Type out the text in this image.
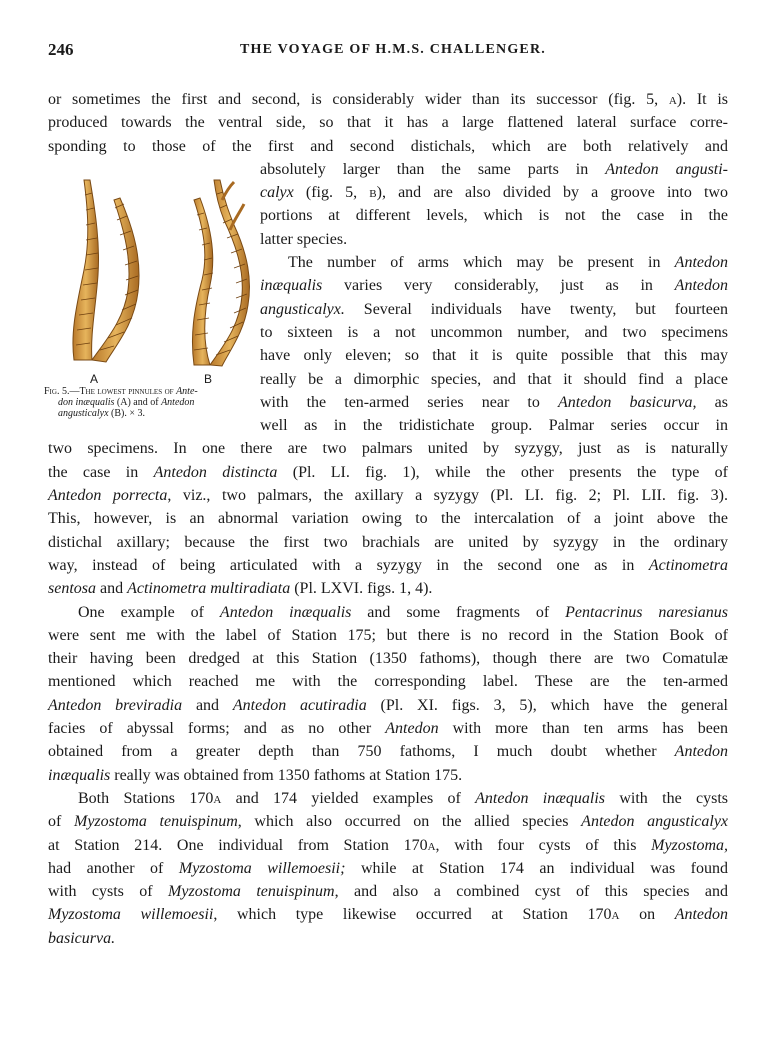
246	THE VOYAGE OF H.M.S. CHALLENGER.
A	B
Fig. 5.—The lowest pinnules of Ante-
don inæqualis (A) and of Antedon
angusticalyx (B). × 3.
or sometimes the first and second, is considerably wider than its successor (fig. 5, a). It is
produced towards the ventral side, so that it has a large flattened lateral surface corre-
sponding to those of the first and second distichals, which are both relatively and
absolutely larger than the same parts in Antedon angusti-
calyx (fig. 5, b), and are also divided by a groove into two
portions at different levels, which is not the case in the
latter species.
The number of arms which may be present in Antedon
inæqualis varies very considerably, just as in Antedon
angusticalyx. Several individuals have twenty, but fourteen
to sixteen is a not uncommon number, and two specimens
have only eleven; so that it is quite possible that this may
really be a dimorphic species, and that it should find a place
with the ten-armed series near to Antedon basicurva, as
well as in the tridistichate group. Palmar series occur in
two specimens. In one there are two palmars united by syzygy, just as is naturally
the case in Antedon distincta (Pl. LI. fig. 1), while the other presents the type of
Antedon porrecta, viz., two palmars, the axillary a syzygy (Pl. LI. fig. 2; Pl. LII. fig. 3).
This, however, is an abnormal variation owing to the intercalation of a joint above the
distichal axillary; because the first two brachials are united by syzygy in the ordinary
way, instead of being articulated with a syzygy in the second one as in Actinometra
sentosa and Actinometra multiradiata (Pl. LXVI. figs. 1, 4).
One example of Antedon inæqualis and some fragments of Pentacrinus naresianus
were sent me with the label of Station 175; but there is no record in the Station Book of
their having been dredged at this Station (1350 fathoms), though there are two Comatulæ
mentioned which reached me with the corresponding label. These are the ten-armed
Antedon breviradia and Antedon acutiradia (Pl. XI. figs. 3, 5), which have the general
facies of abyssal forms; and as no other Antedon with more than ten arms has been
obtained from a greater depth than 750 fathoms, I much doubt whether Antedon
inæqualis really was obtained from 1350 fathoms at Station 175.
Both Stations 170a and 174 yielded examples of Antedon inæqualis with the cysts
of Myzostoma tenuispinum, which also occurred on the allied species Antedon angusticalyx
at Station 214. One individual from Station 170a, with four cysts of this Myzostoma,
had another of Myzostoma willemoesii; while at Station 174 an individual was found
with cysts of Myzostoma tenuispinum, and also a combined cyst of this species and
Myzostoma willemoesii, which type likewise occurred at Station 170a on Antedon
basicurva.
